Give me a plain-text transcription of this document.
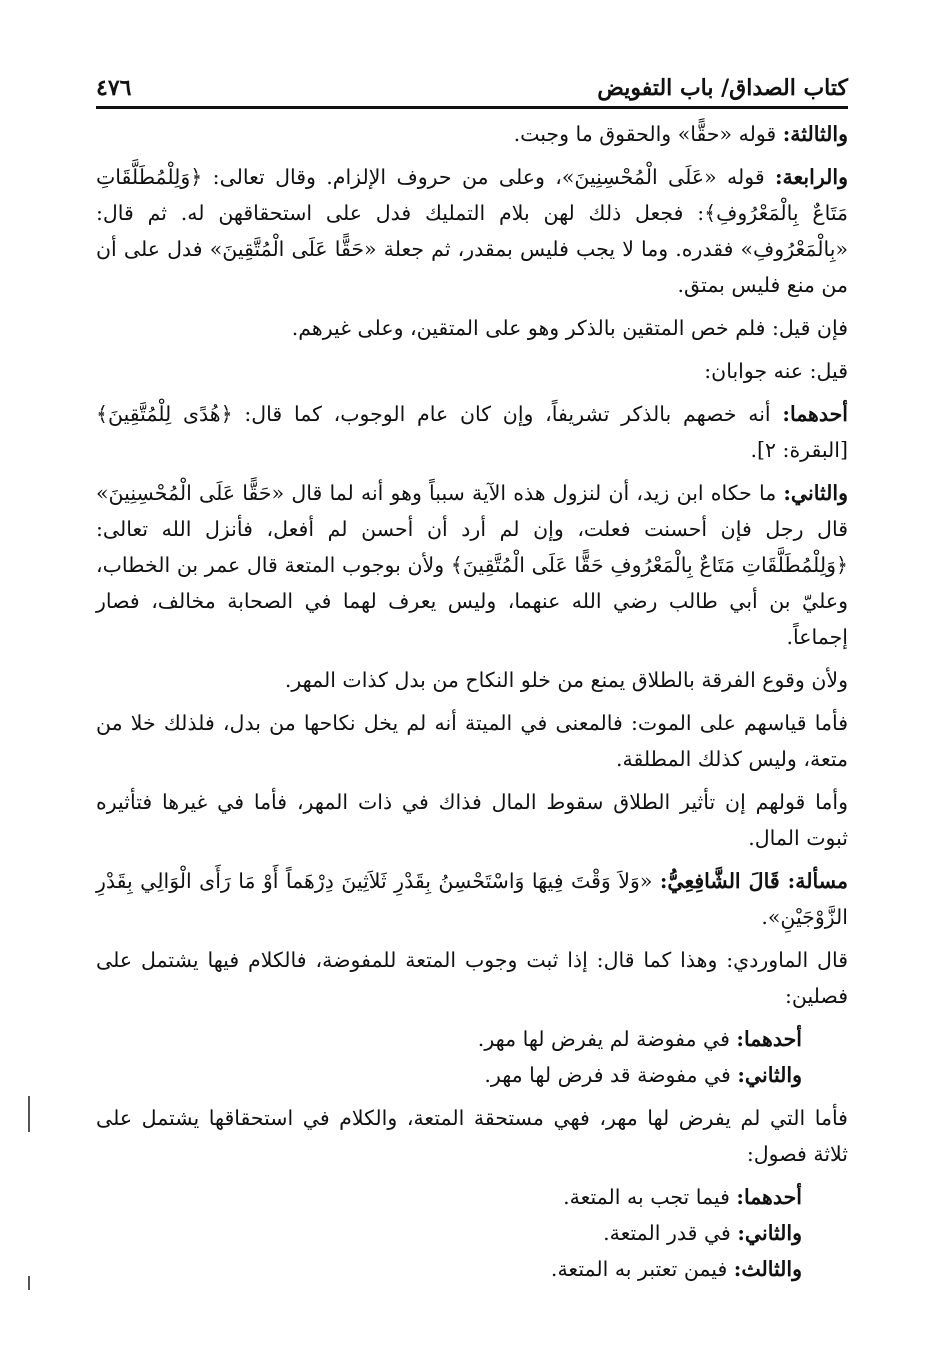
كتاب الصداق/ باب التفويض
٤٧٦

والثالثة: قوله «حقًّا» والحقوق ما وجبت.

والرابعة: قوله «عَلَى الْمُحْسِنِينَ»، وعلى من حروف الإلزام. وقال تعالى: ﴿وَلِلْمُطَلَّقَاتِ مَتَاعٌ بِالْمَعْرُوفِ﴾: فجعل ذلك لهن بلام التمليك فدل على استحقاقهن له. ثم قال: «بِالْمَعْرُوفِ» فقدره. وما لا يجب فليس بمقدر، ثم جعلة «حَقًّا عَلَى الْمُتَّقِينَ» فدل على أن من منع فليس بمتق.

فإن قيل: فلم خص المتقين بالذكر وهو على المتقين، وعلى غيرهم.

قيل: عنه جوابان:

أحدهما: أنه خصهم بالذكر تشريفاً، وإن كان عام الوجوب، كما قال: ﴿هُدًى لِلْمُتَّقِينَ﴾ [البقرة: ٢].

والثاني: ما حكاه ابن زيد، أن لنزول هذه الآية سبباً وهو أنه لما قال «حَقًّا عَلَى الْمُحْسِنِينَ» قال رجل فإن أحسنت فعلت، وإن لم أرد أن أحسن لم أفعل، فأنزل الله تعالى: ﴿وَلِلْمُطَلَّقَاتِ مَتَاعٌ بِالْمَعْرُوفِ حَقًّا عَلَى الْمُتَّقِينَ﴾ ولأن بوجوب المتعة قال عمر بن الخطاب، وعليّ بن أبي طالب رضي الله عنهما، وليس يعرف لهما في الصحابة مخالف، فصار إجماعاً.

ولأن وقوع الفرقة بالطلاق يمنع من خلو النكاح من بدل كذات المهر.

فأما قياسهم على الموت: فالمعنى في الميتة أنه لم يخل نكاحها من بدل، فلذلك خلا من متعة، وليس كذلك المطلقة.

وأما قولهم إن تأثير الطلاق سقوط المال فذاك في ذات المهر، فأما في غيرها فتأثيره ثبوت المال.

مسألة: قَالَ الشَّافِعِيُّ: «وَلاَ وَقْتَ فِيهَا وَاسْتَحْسِنُ بِقَدْرِ ثَلاَثِينَ دِرْهَماً أَوْ مَا رَأَى الْوَالِي بِقَدْرِ الزَّوْجَيْنِ».

قال الماوردي: وهذا كما قال: إذا ثبت وجوب المتعة للمفوضة، فالكلام فيها يشتمل على فصلين:

أحدهما: في مفوضة لم يفرض لها مهر.

والثاني: في مفوضة قد فرض لها مهر.

فأما التي لم يفرض لها مهر، فهي مستحقة المتعة، والكلام في استحقاقها يشتمل على ثلاثة فصول:

أحدهما: فيما تجب به المتعة.

والثاني: في قدر المتعة.

والثالث: فيمن تعتبر به المتعة.
